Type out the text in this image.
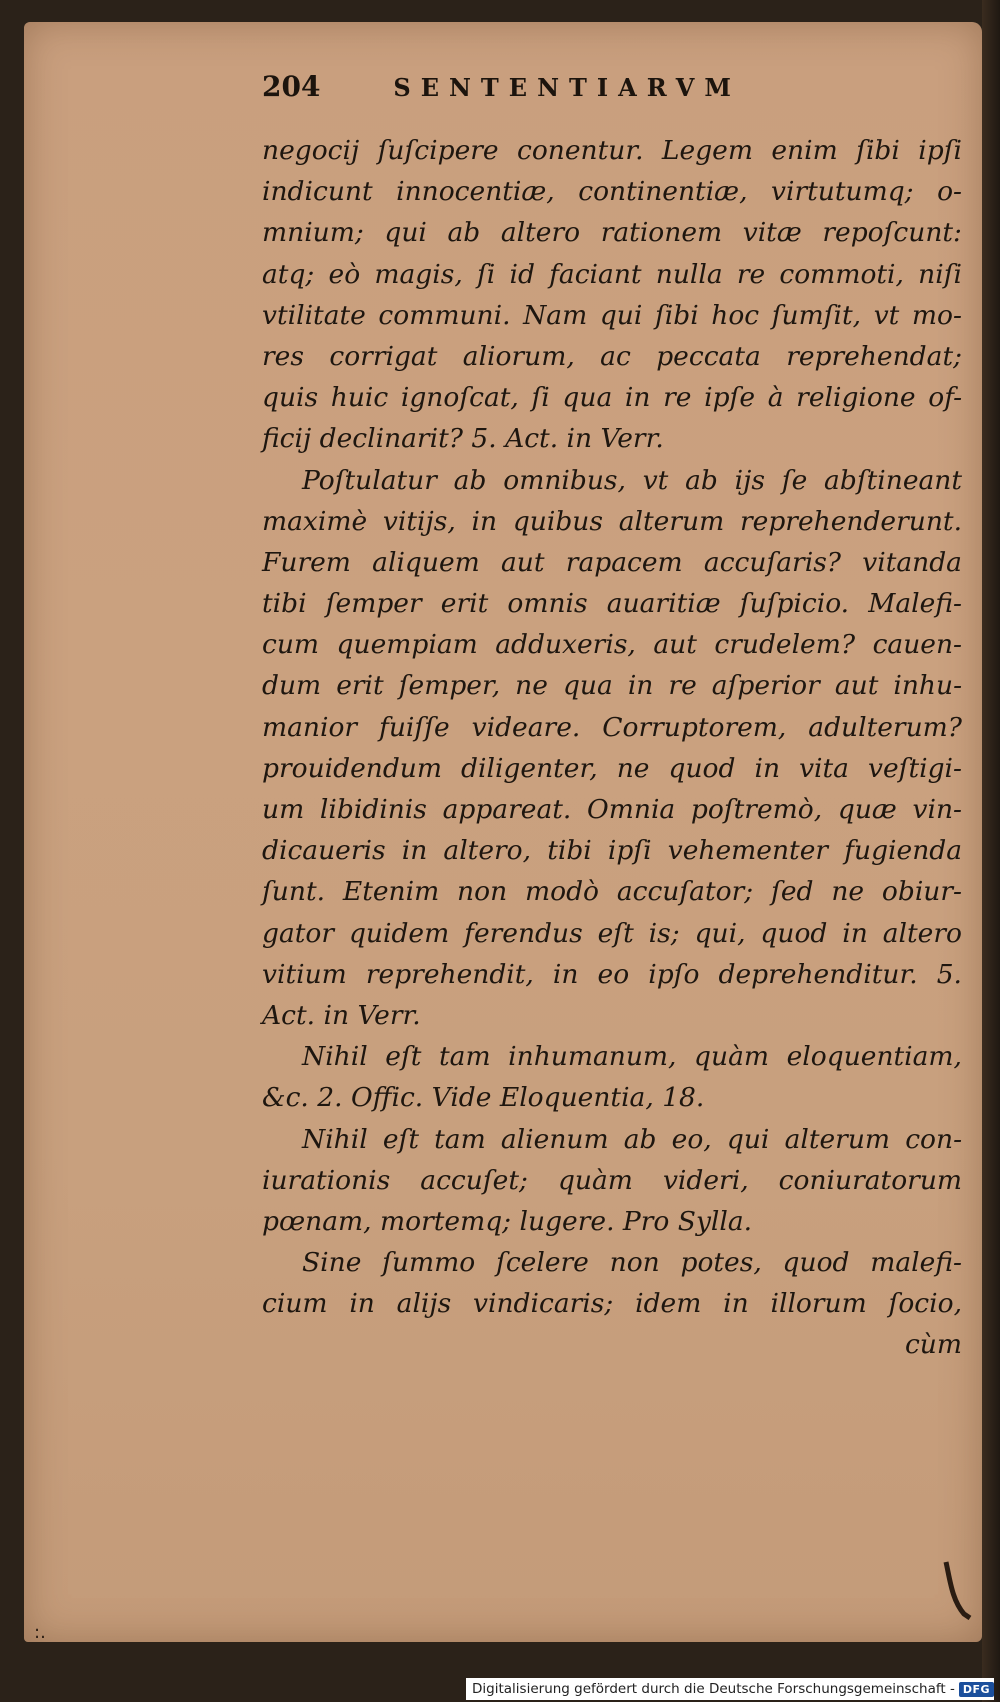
204	SENTENTIARVM
negocij ſuſcipere conentur. Legem enim ſibi ipſi
indicunt innocentiæ, continentiæ, virtutumq; o-
mnium; qui ab altero rationem vitæ repoſcunt:
atq; eò magis, ſi id faciant nulla re commoti, niſi
vtilitate communi. Nam qui ſibi hoc ſumſit, vt mo-
res corrigat aliorum, ac peccata reprehendat;
quis huic ignoſcat, ſi qua in re ipſe à religione of-
ficij declinarit? 5. Act. in Verr.
Poſtulatur ab omnibus, vt ab ijs ſe abſtineant
maximè vitijs, in quibus alterum reprehenderunt.
Furem aliquem aut rapacem accuſaris? vitanda
tibi ſemper erit omnis auaritiæ ſuſpicio. Malefi-
cum quempiam adduxeris, aut crudelem? cauen-
dum erit ſemper, ne qua in re aſperior aut inhu-
manior fuiſſe videare. Corruptorem, adulterum?
prouidendum diligenter, ne quod in vita veſtigi-
um libidinis appareat. Omnia poſtremò, quæ vin-
dicaueris in altero, tibi ipſi vehementer fugienda
ſunt. Etenim non modò accuſator; ſed ne obiur-
gator quidem ferendus eſt is; qui, quod in altero
vitium reprehendit, in eo ipſo deprehenditur. 5.
Act. in Verr.
Nihil eſt tam inhumanum, quàm eloquentiam,
&c. 2. Offic. Vide Eloquentia, 18.
Nihil eſt tam alienum ab eo, qui alterum con-
iurationis accuſet; quàm videri, coniuratorum
pœnam, mortemq; lugere. Pro Sylla.
Sine ſummo ſcelere non potes, quod malefi-
cium in alijs vindicaris; idem in illorum ſocio,
cùm
:.
Digitalisierung gefördert durch die Deutsche Forschungsgemeinschaft - DFG
